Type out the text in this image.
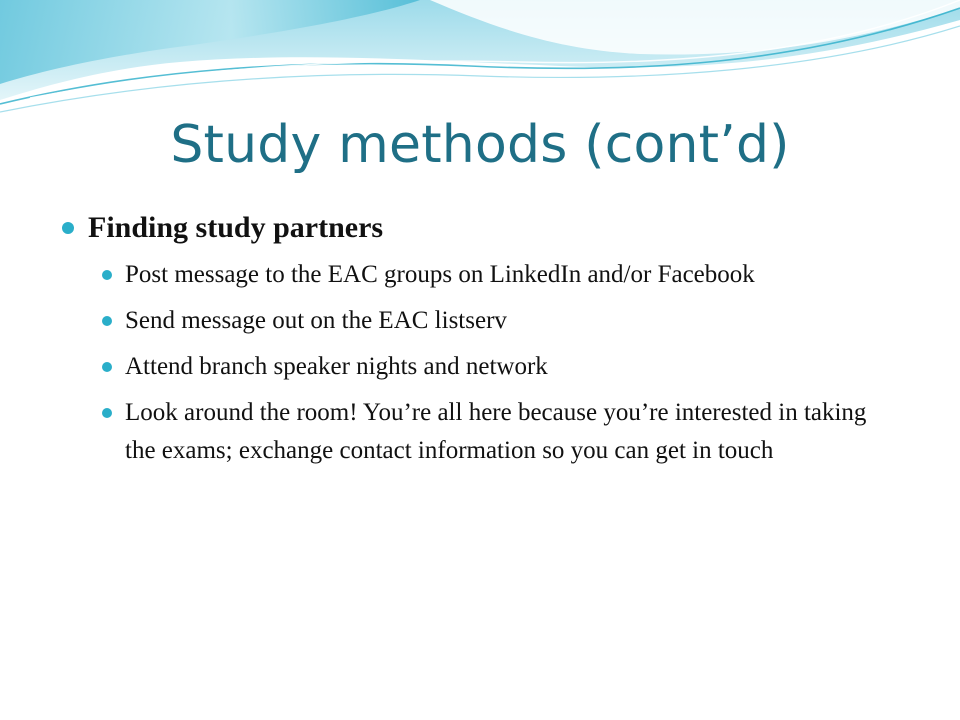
Study methods (cont’d)
Finding study partners
Post message to the EAC groups on LinkedIn and/or Facebook
Send message out on the EAC listserv
Attend branch speaker nights and network
Look around the room! You’re all here because you’re interested in taking the exams; exchange contact information so you can get in touch
